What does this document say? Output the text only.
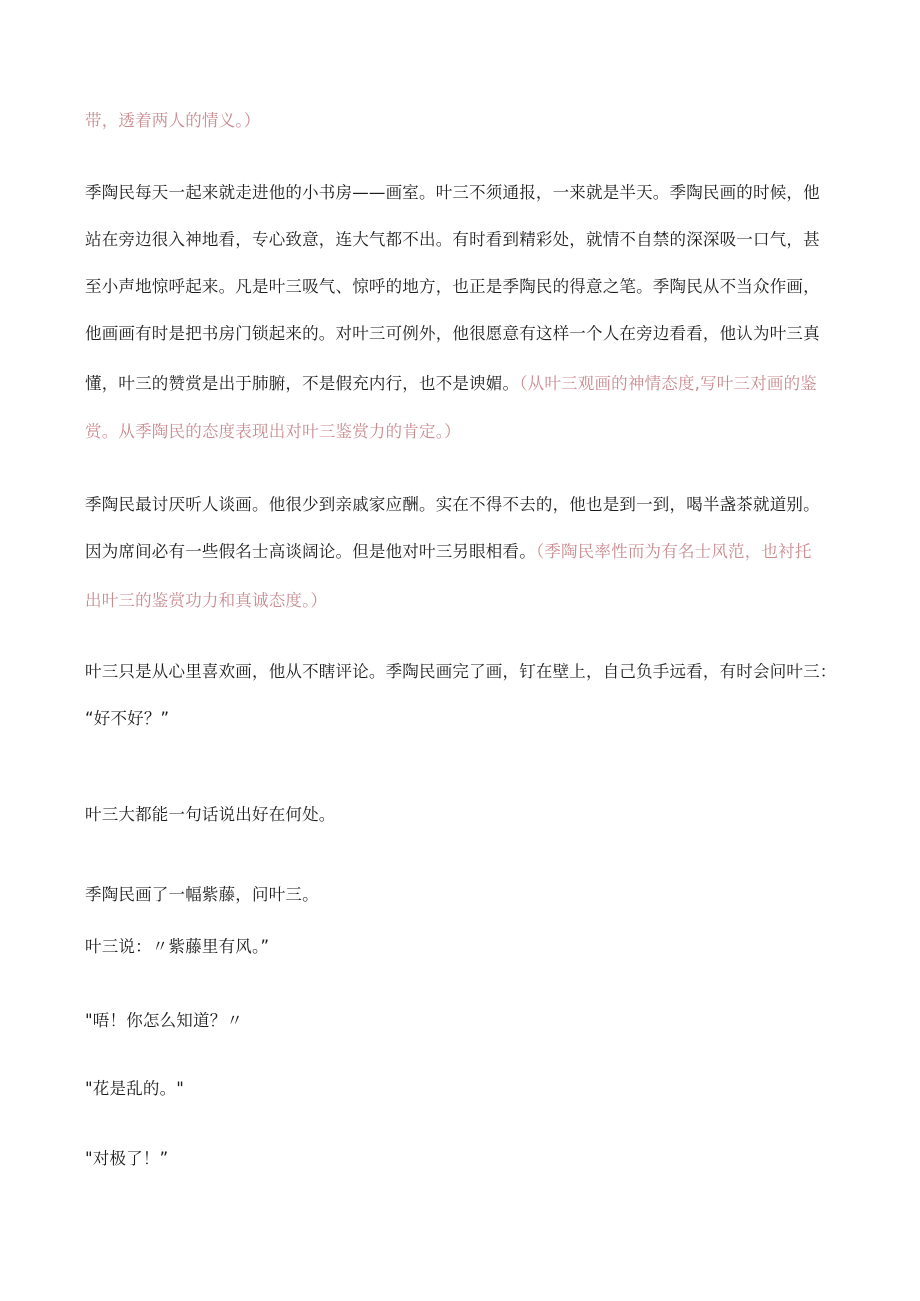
带，透着两人的情义。）
季陶民每天一起来就走进他的小书房——画室。叶三不须通报，一来就是半天。季陶民画的时候，他
站在旁边很入神地看，专心致意，连大气都不出。有时看到精彩处，就情不自禁的深深吸一口气，甚
至小声地惊呼起来。凡是叶三吸气、惊呼的地方，也正是季陶民的得意之笔。季陶民从不当众作画，
他画画有时是把书房门锁起来的。对叶三可例外，他很愿意有这样一个人在旁边看看，他认为叶三真
懂，叶三的赞赏是出于肺腑，不是假充内行，也不是谀媚。（从叶三观画的神情态度,写叶三对画的鉴
赏。从季陶民的态度表现出对叶三鉴赏力的肯定。）
季陶民最讨厌听人谈画。他很少到亲戚家应酬。实在不得不去的，他也是到一到，喝半盏茶就道别。
因为席间必有一些假名士高谈阔论。但是他对叶三另眼相看。（季陶民率性而为有名士风范，也衬托
出叶三的鉴赏功力和真诚态度。）
叶三只是从心里喜欢画，他从不瞎评论。季陶民画完了画，钉在壁上，自己负手远看，有时会问叶三：
“好不好？”
叶三大都能一句话说出好在何处。
季陶民画了一幅紫藤，问叶三。
叶三说：〃紫藤里有风。”
"唔！你怎么知道？〃
"花是乱的。"
"对极了！”
